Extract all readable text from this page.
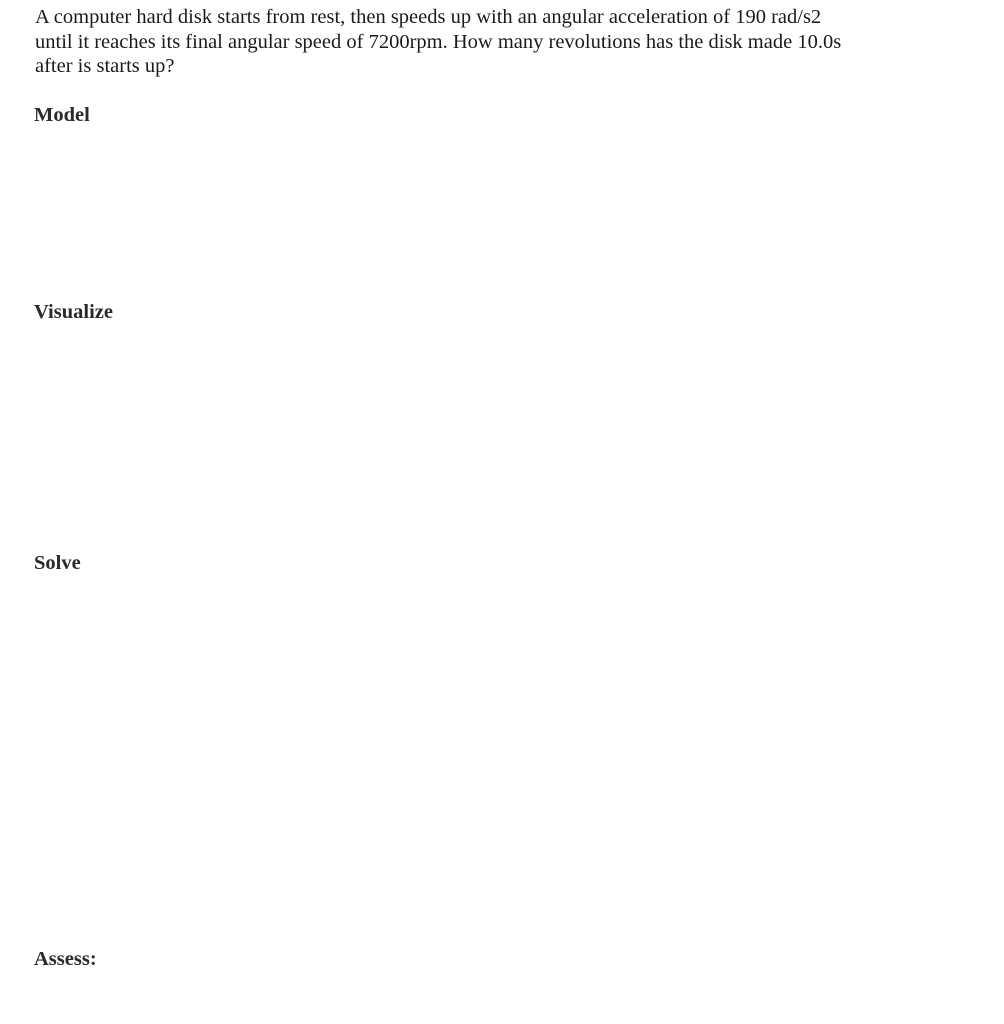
A computer hard disk starts from rest, then speeds up with an angular acceleration of 190 rad/s2
until it reaches its final angular speed of 7200rpm. How many revolutions has the disk made 10.0s
after is starts up?
Model
Visualize
Solve
Assess:
